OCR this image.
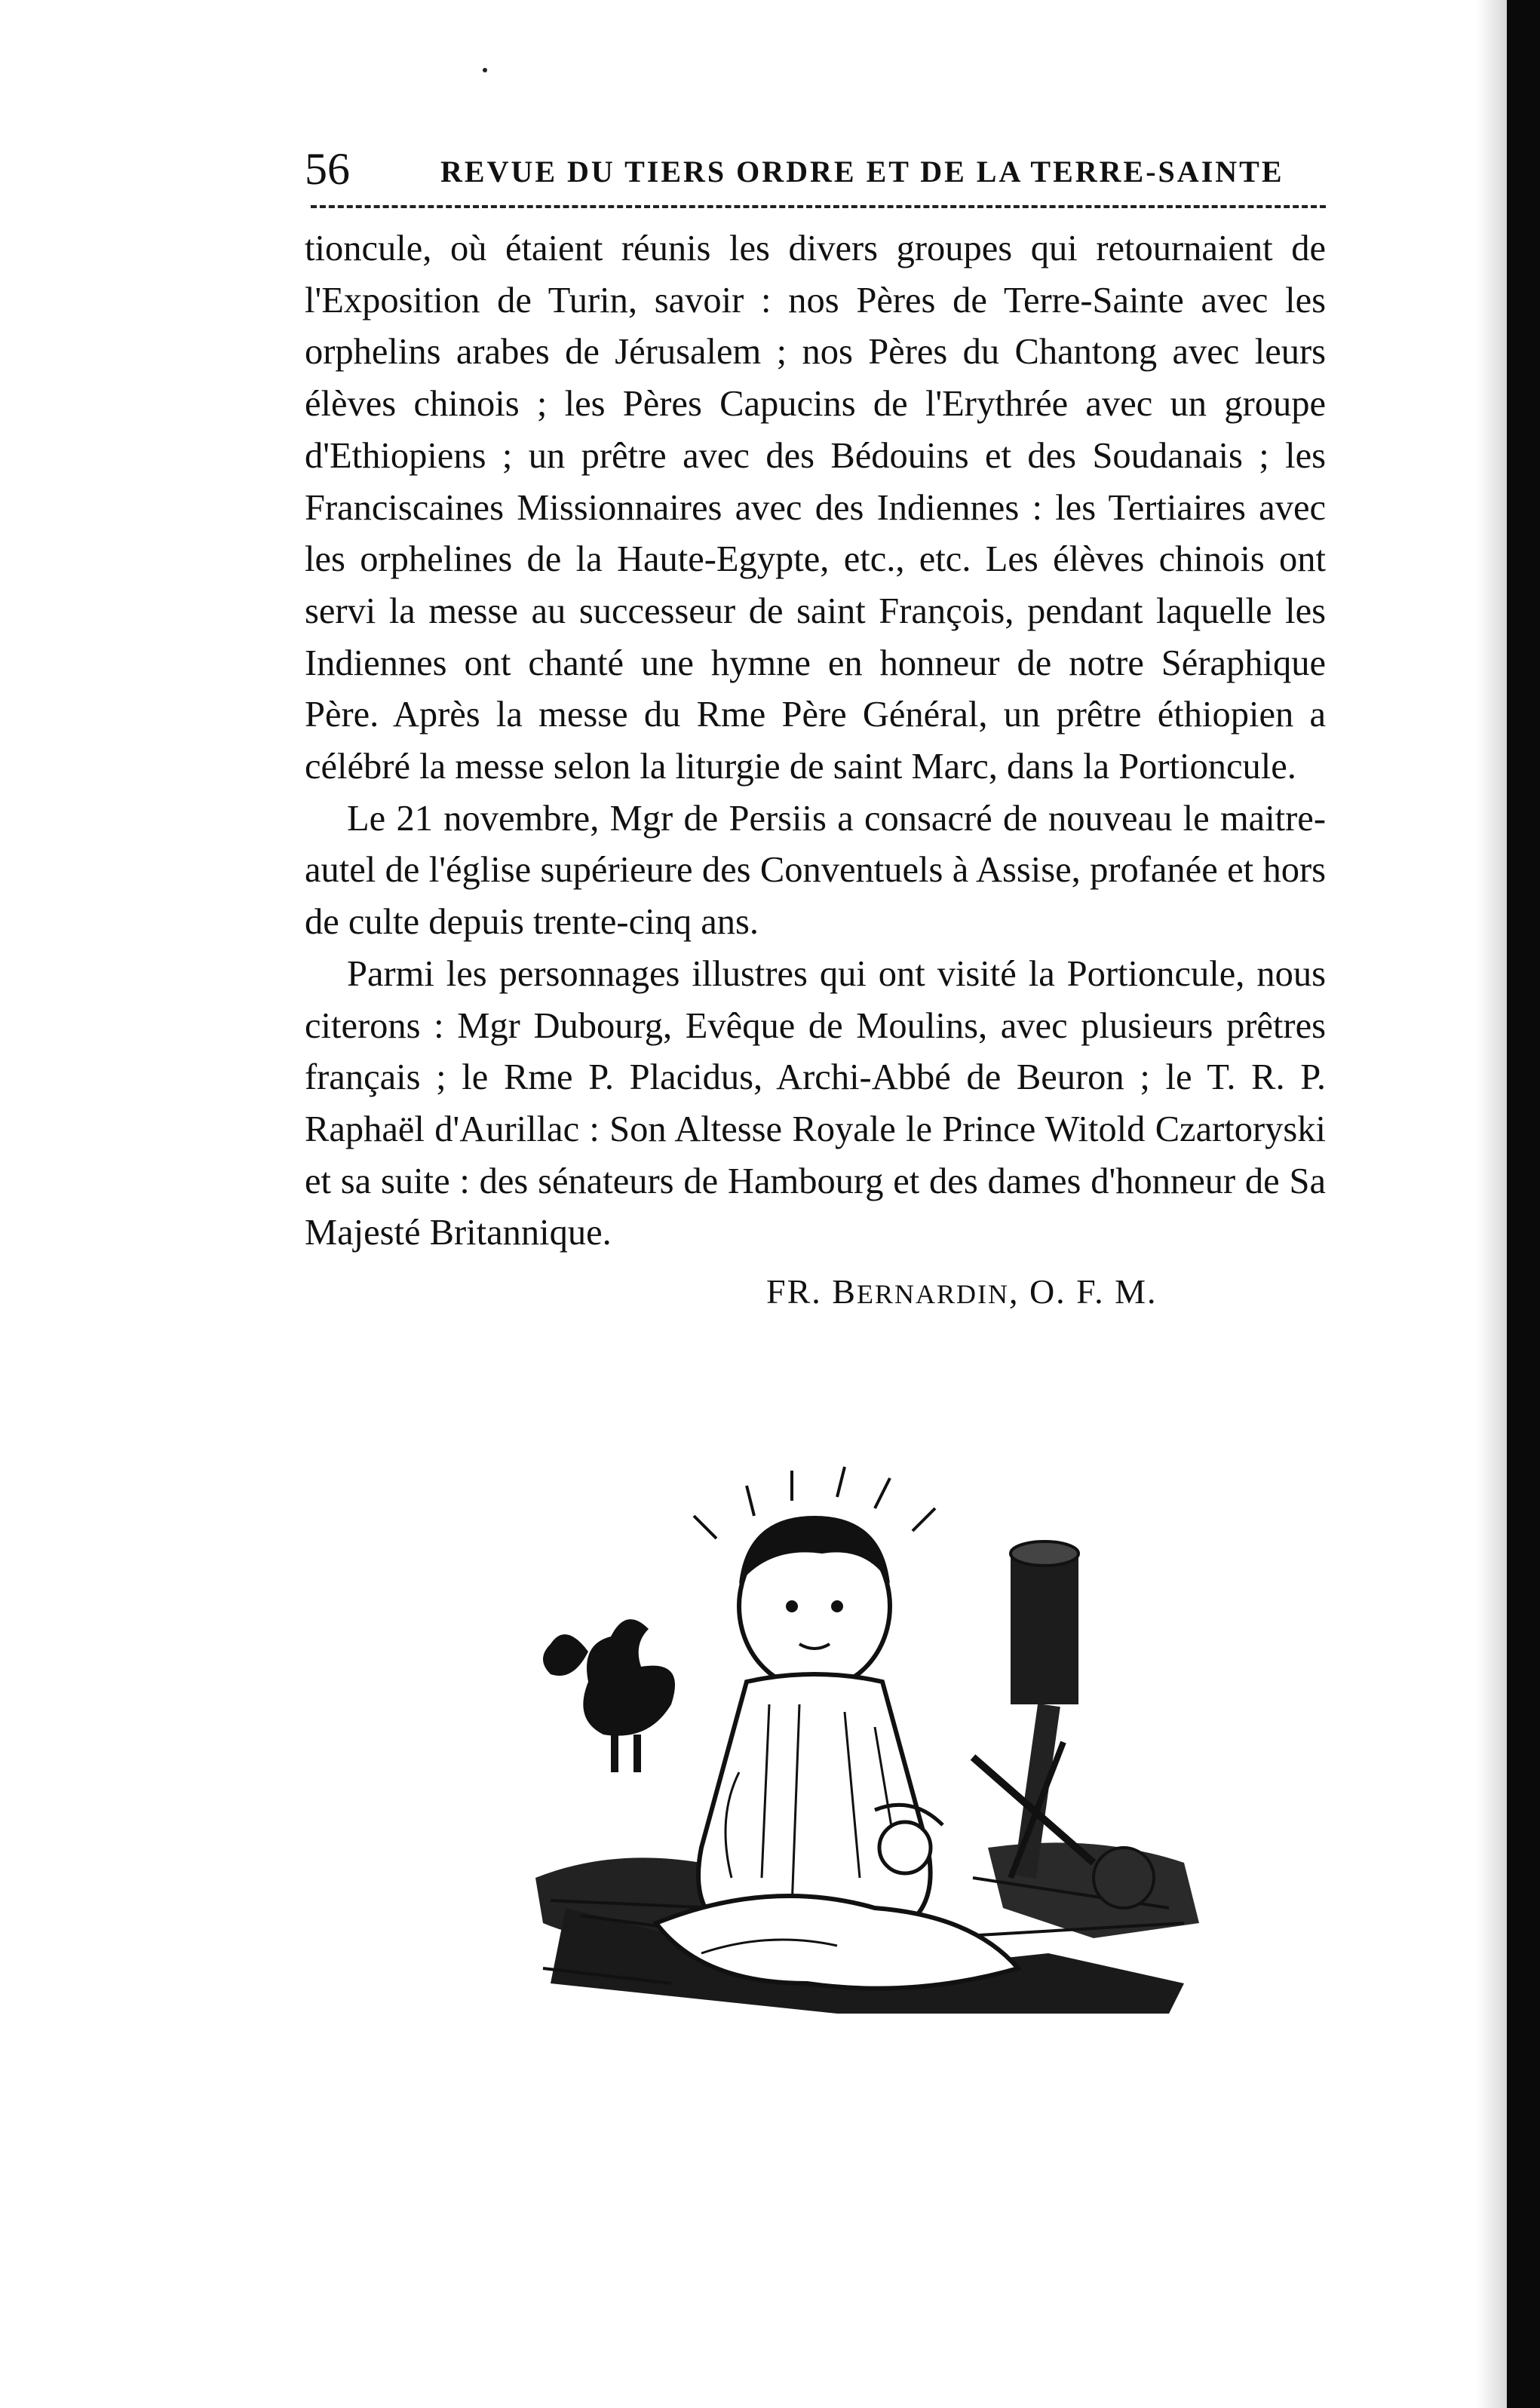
56	REVUE DU TIERS ORDRE ET DE LA TERRE-SAINTE

tioncule, où étaient réunis les divers groupes qui retournaient de l'Exposition de Turin, savoir : nos Pères de Terre-Sainte avec les orphelins arabes de Jérusalem ; nos Pères du Chantong avec leurs élèves chinois ; les Pères Capucins de l'Erythrée avec un groupe d'Ethiopiens ; un prêtre avec des Bédouins et des Soudanais ; les Franciscaines Missionnaires avec des Indiennes : les Tertiaires avec les orphelines de la Haute-Egypte, etc., etc. Les élèves chinois ont servi la messe au successeur de saint François, pendant laquelle les Indiennes ont chanté une hymne en honneur de notre Séraphique Père. Après la messe du Rme Père Général, un prêtre éthiopien a célébré la messe selon la liturgie de saint Marc, dans la Portioncule.

Le 21 novembre, Mgr de Persiis a consacré de nouveau le maitre-autel de l'église supérieure des Conventuels à Assise, profanée et hors de culte depuis trente-cinq ans.

Parmi les personnages illustres qui ont visité la Portioncule, nous citerons : Mgr Dubourg, Evêque de Moulins, avec plusieurs prêtres français ; le Rme P. Placidus, Archi-Abbé de Beuron ; le T. R. P. Raphaël d'Aurillac : Son Altesse Royale le Prince Witold Czartoryski et sa suite : des sénateurs de Hambourg et des dames d'honneur de Sa Majesté Britannique.

FR. BERNARDIN, O. F. M.
